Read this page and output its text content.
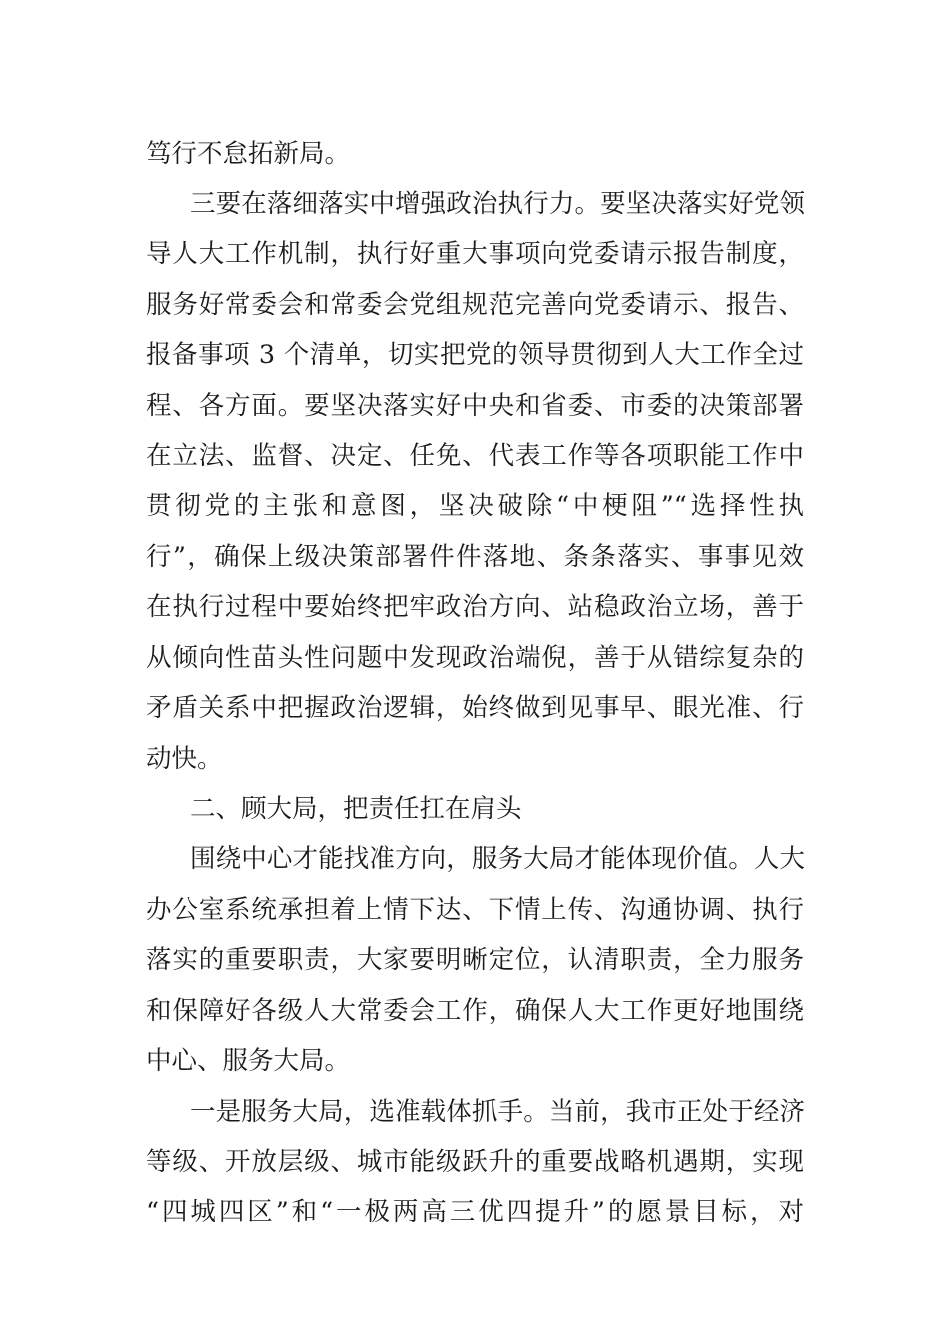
笃行不怠拓新局。
三要在落细落实中增强政治执行力。要坚决落实好党领
导人大工作机制，执行好重大事项向党委请示报告制度，
服务好常委会和常委会党组规范完善向党委请示、报告、
报备事项 3 个清单，切实把党的领导贯彻到人大工作全过
程、各方面。要坚决落实好中央和省委、市委的决策部署
在立法、监督、决定、任免、代表工作等各项职能工作中
贯彻党的主张和意图，坚决破除“中梗阻”“选择性执
行”，确保上级决策部署件件落地、条条落实、事事见效
在执行过程中要始终把牢政治方向、站稳政治立场，善于
从倾向性苗头性问题中发现政治端倪，善于从错综复杂的
矛盾关系中把握政治逻辑，始终做到见事早、眼光准、行
动快。
二、顾大局，把责任扛在肩头
围绕中心才能找准方向，服务大局才能体现价值。人大
办公室系统承担着上情下达、下情上传、沟通协调、执行
落实的重要职责，大家要明晰定位，认清职责，全力服务
和保障好各级人大常委会工作，确保人大工作更好地围绕
中心、服务大局。
一是服务大局，选准载体抓手。当前，我市正处于经济
等级、开放层级、城市能级跃升的重要战略机遇期，实现
“四城四区”和“一极两高三优四提升”的愿景目标，对
